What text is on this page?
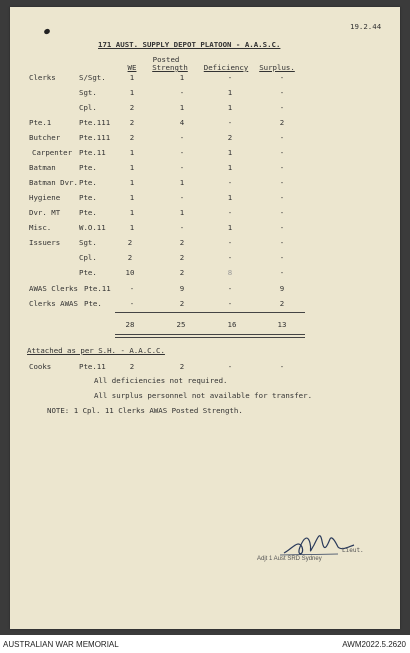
19.2.44
171 AUST. SUPPLY DEPOT PLATOON - A.A.S.C.
Posted
WE Strength Deficiency Surplus.
Clerks	S/Sgt.	1	1	-	-
Sgt.	1	-	1	-
Cpl.	2	1	1	-
Pte.1	Pte.111	2	4	-	2
Butcher	Pte.111	2	-	2	-
Carpenter Pte.11	1	-	1	-
Batman	Pte.	1	-	1	-
Batman Dvr. Pte.	1	1	-	-
Hygiene	Pte.	1	-	1	-
Dvr. MT	Pte.	1	1	-	-
Misc.	W.O.11	1	-	1	-
Issuers	Sgt.	2	2	-	-
Cpl.	2	2	-	-
Pte.	10	2	8	-
AWAS Clerks Pte.11	-	9	-	9
Clerks AWAS Pte.	-	2	-	2
28	25	16	13
Attached as per S.H. - A.A.C.C.
Cooks	Pte.11	2	2	-	-
All deficiencies not required.
All surplus personnel not available for transfer.
NOTE: 1 Cpl. 11 Clerks AWAS Posted Strength.
Lieut.
Adjt 1 Aust SRD Sydney
AUSTRALIAN WAR MEMORIAL	AWM2022.5.2620
